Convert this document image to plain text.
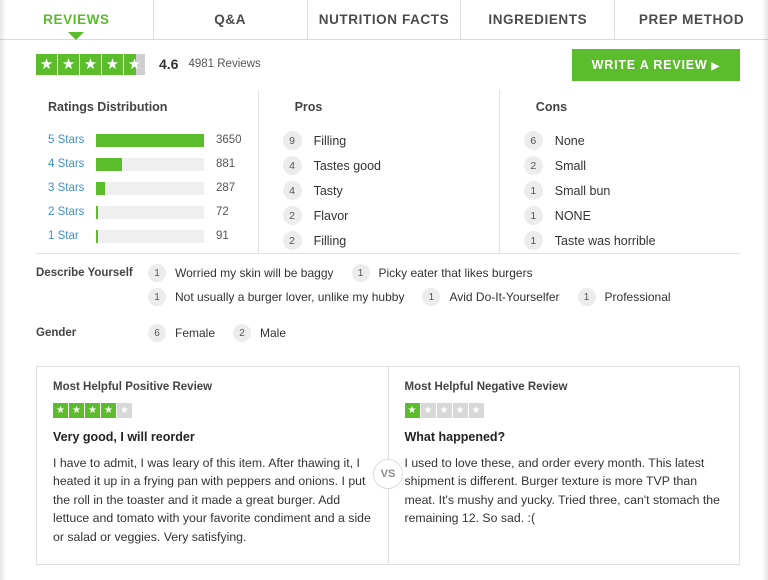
REVIEWS	Q&A	NUTRITION FACTS	INGREDIENTS	PREP METHOD
★ ★ ★ ★ ★ 4.6 4981 Reviews	WRITE A REVIEW ▶
Ratings Distribution
5 Stars	3650
4 Stars	881
3 Stars	287
2 Stars	72
1 Star	91
Pros
9	Filling
4	Tastes good
4	Tasty
2	Flavor
2	Filling
Cons
6	None
2	Small
1	Small bun
1	NONE
1	Taste was horrible
Describe Yourself	1	Worried my skin will be baggy	1	Picky eater that likes burgers
1	Not usually a burger lover, unlike my hubby	1	Avid Do-It-Yourselfer	1	Professional
Gender	6	Female	2	Male
Most Helpful Positive Review
★ ★ ★ ★ ★
Very good, I will reorder
I have to admit, I was leary of this item. After thawing it, I heated it up in a frying pan with peppers and onions. I put the roll in the toaster and it made a great burger. Add lettuce and tomato with your favorite condiment and a side or salad or veggies. Very satisfying.
Most Helpful Negative Review
★ ★ ★ ★ ★
What happened?
I used to love these, and order every month. This latest shipment is different. Burger texture is more TVP than meat. It's mushy and yucky. Tried three, can't stomach the remaining 12. So sad. :(
VS
